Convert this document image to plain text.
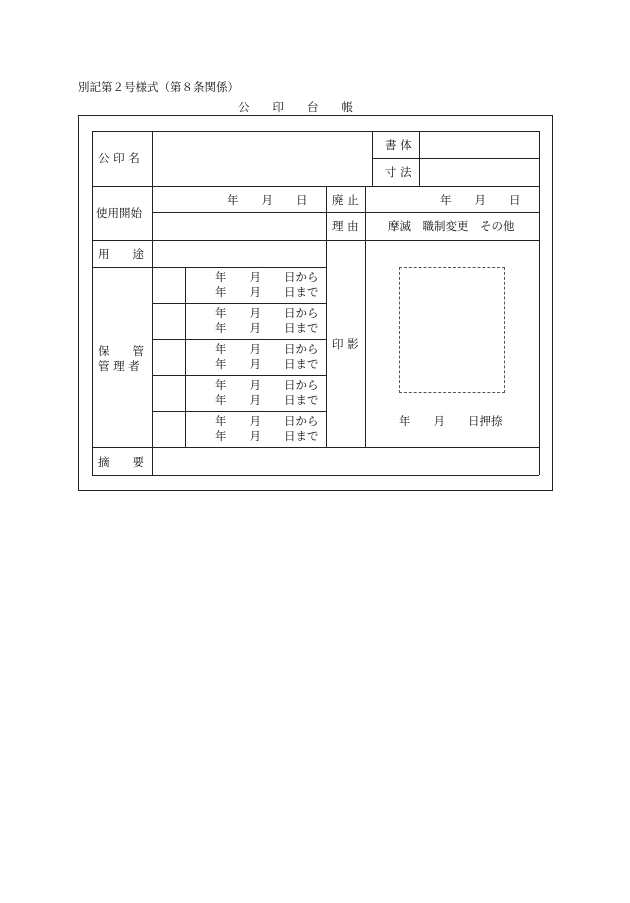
別記第２号様式（第８条関係）
公　　印　　台　　帳
公 印 名
書 体
寸 法
使用開始
廃 止
理 由
用　　途
保　　管
管 理 者
印 影
摘　　要
年　　月　　日	年　　月　　日
摩滅　職制変更　その他
年　　月　　日から
年　　月　　日まで
年　　月　　日から
年　　月　　日まで
年　　月　　日から
年　　月　　日まで
年　　月　　日から
年　　月　　日まで
年　　月　　日から
年　　月　　日まで
年　　月　　日押捺
